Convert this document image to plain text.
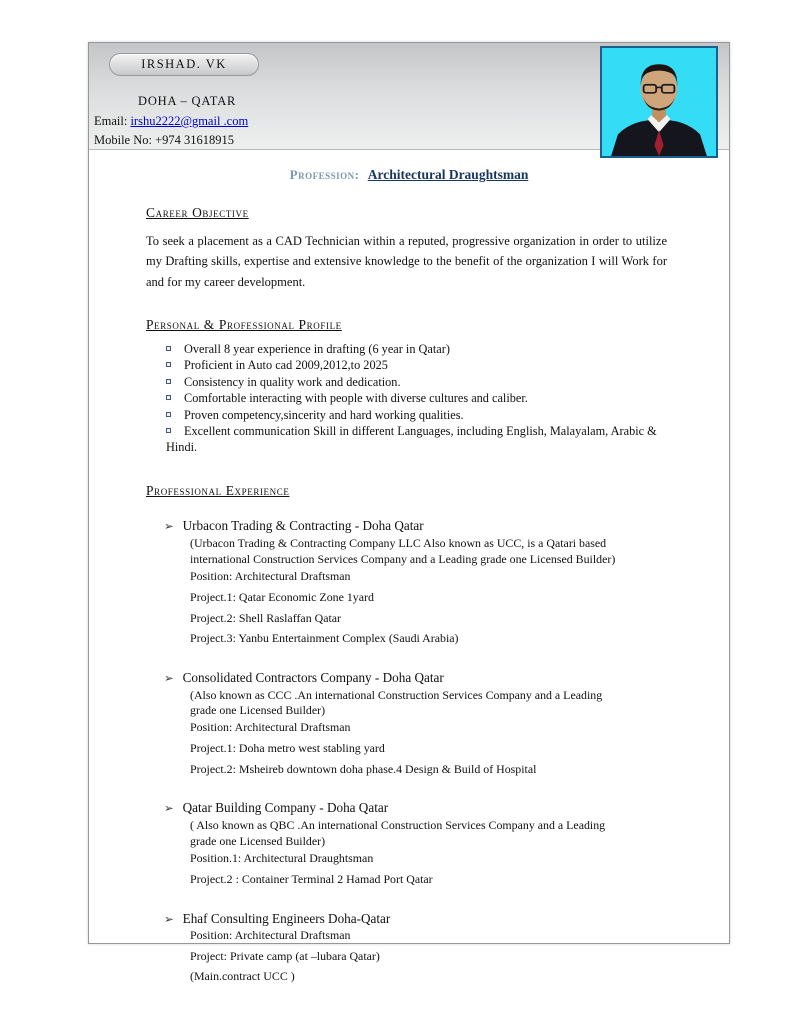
IRSHAD. VK
DOHA – QATAR
Email: irshu2222@gmail .com
Mobile No: +974 31618915
Profession: Architectural Draughtsman
Career Objective

To seek a placement as a CAD Technician within a reputed, progressive organization in order to utilize my Drafting skills, expertise and extensive knowledge to the benefit of the organization I will Work for and for my career development.

Personal & Professional Profile
Overall 8 year experience in drafting (6 year in Qatar)
Proficient in Auto cad 2009,2012,to 2025
Consistency in quality work and dedication.
Comfortable interacting with people with diverse cultures and caliber.
Proven competency,sincerity and hard working qualities.
Excellent communication Skill in different Languages, including English, Malayalam, Arabic & Hindi.
Professional Experience
➢ Urbacon Trading & Contracting - Doha Qatar
(Urbacon Trading & Contracting Company LLC Also known as UCC, is a Qatari based international Construction Services Company and a Leading grade one Licensed Builder)
Position: Architectural Draftsman
Project.1: Qatar Economic Zone 1yard
Project.2: Shell Raslaffan Qatar
Project.3: Yanbu Entertainment Complex (Saudi Arabia)
➢ Consolidated Contractors Company - Doha Qatar
(Also known as CCC .An international Construction Services Company and a Leading grade one Licensed Builder)
Position: Architectural Draftsman
Project.1: Doha metro west stabling yard
Project.2: Msheireb downtown doha phase.4 Design & Build of Hospital
➢ Qatar Building Company - Doha Qatar
( Also known as QBC .An international Construction Services Company and a Leading grade one Licensed Builder)
Position.1: Architectural Draughtsman
Project.2 : Container Terminal 2 Hamad Port Qatar
➢ Ehaf Consulting Engineers Doha-Qatar
Position: Architectural Draftsman
Project: Private camp (at –lubara Qatar)
(Main.contract UCC )
